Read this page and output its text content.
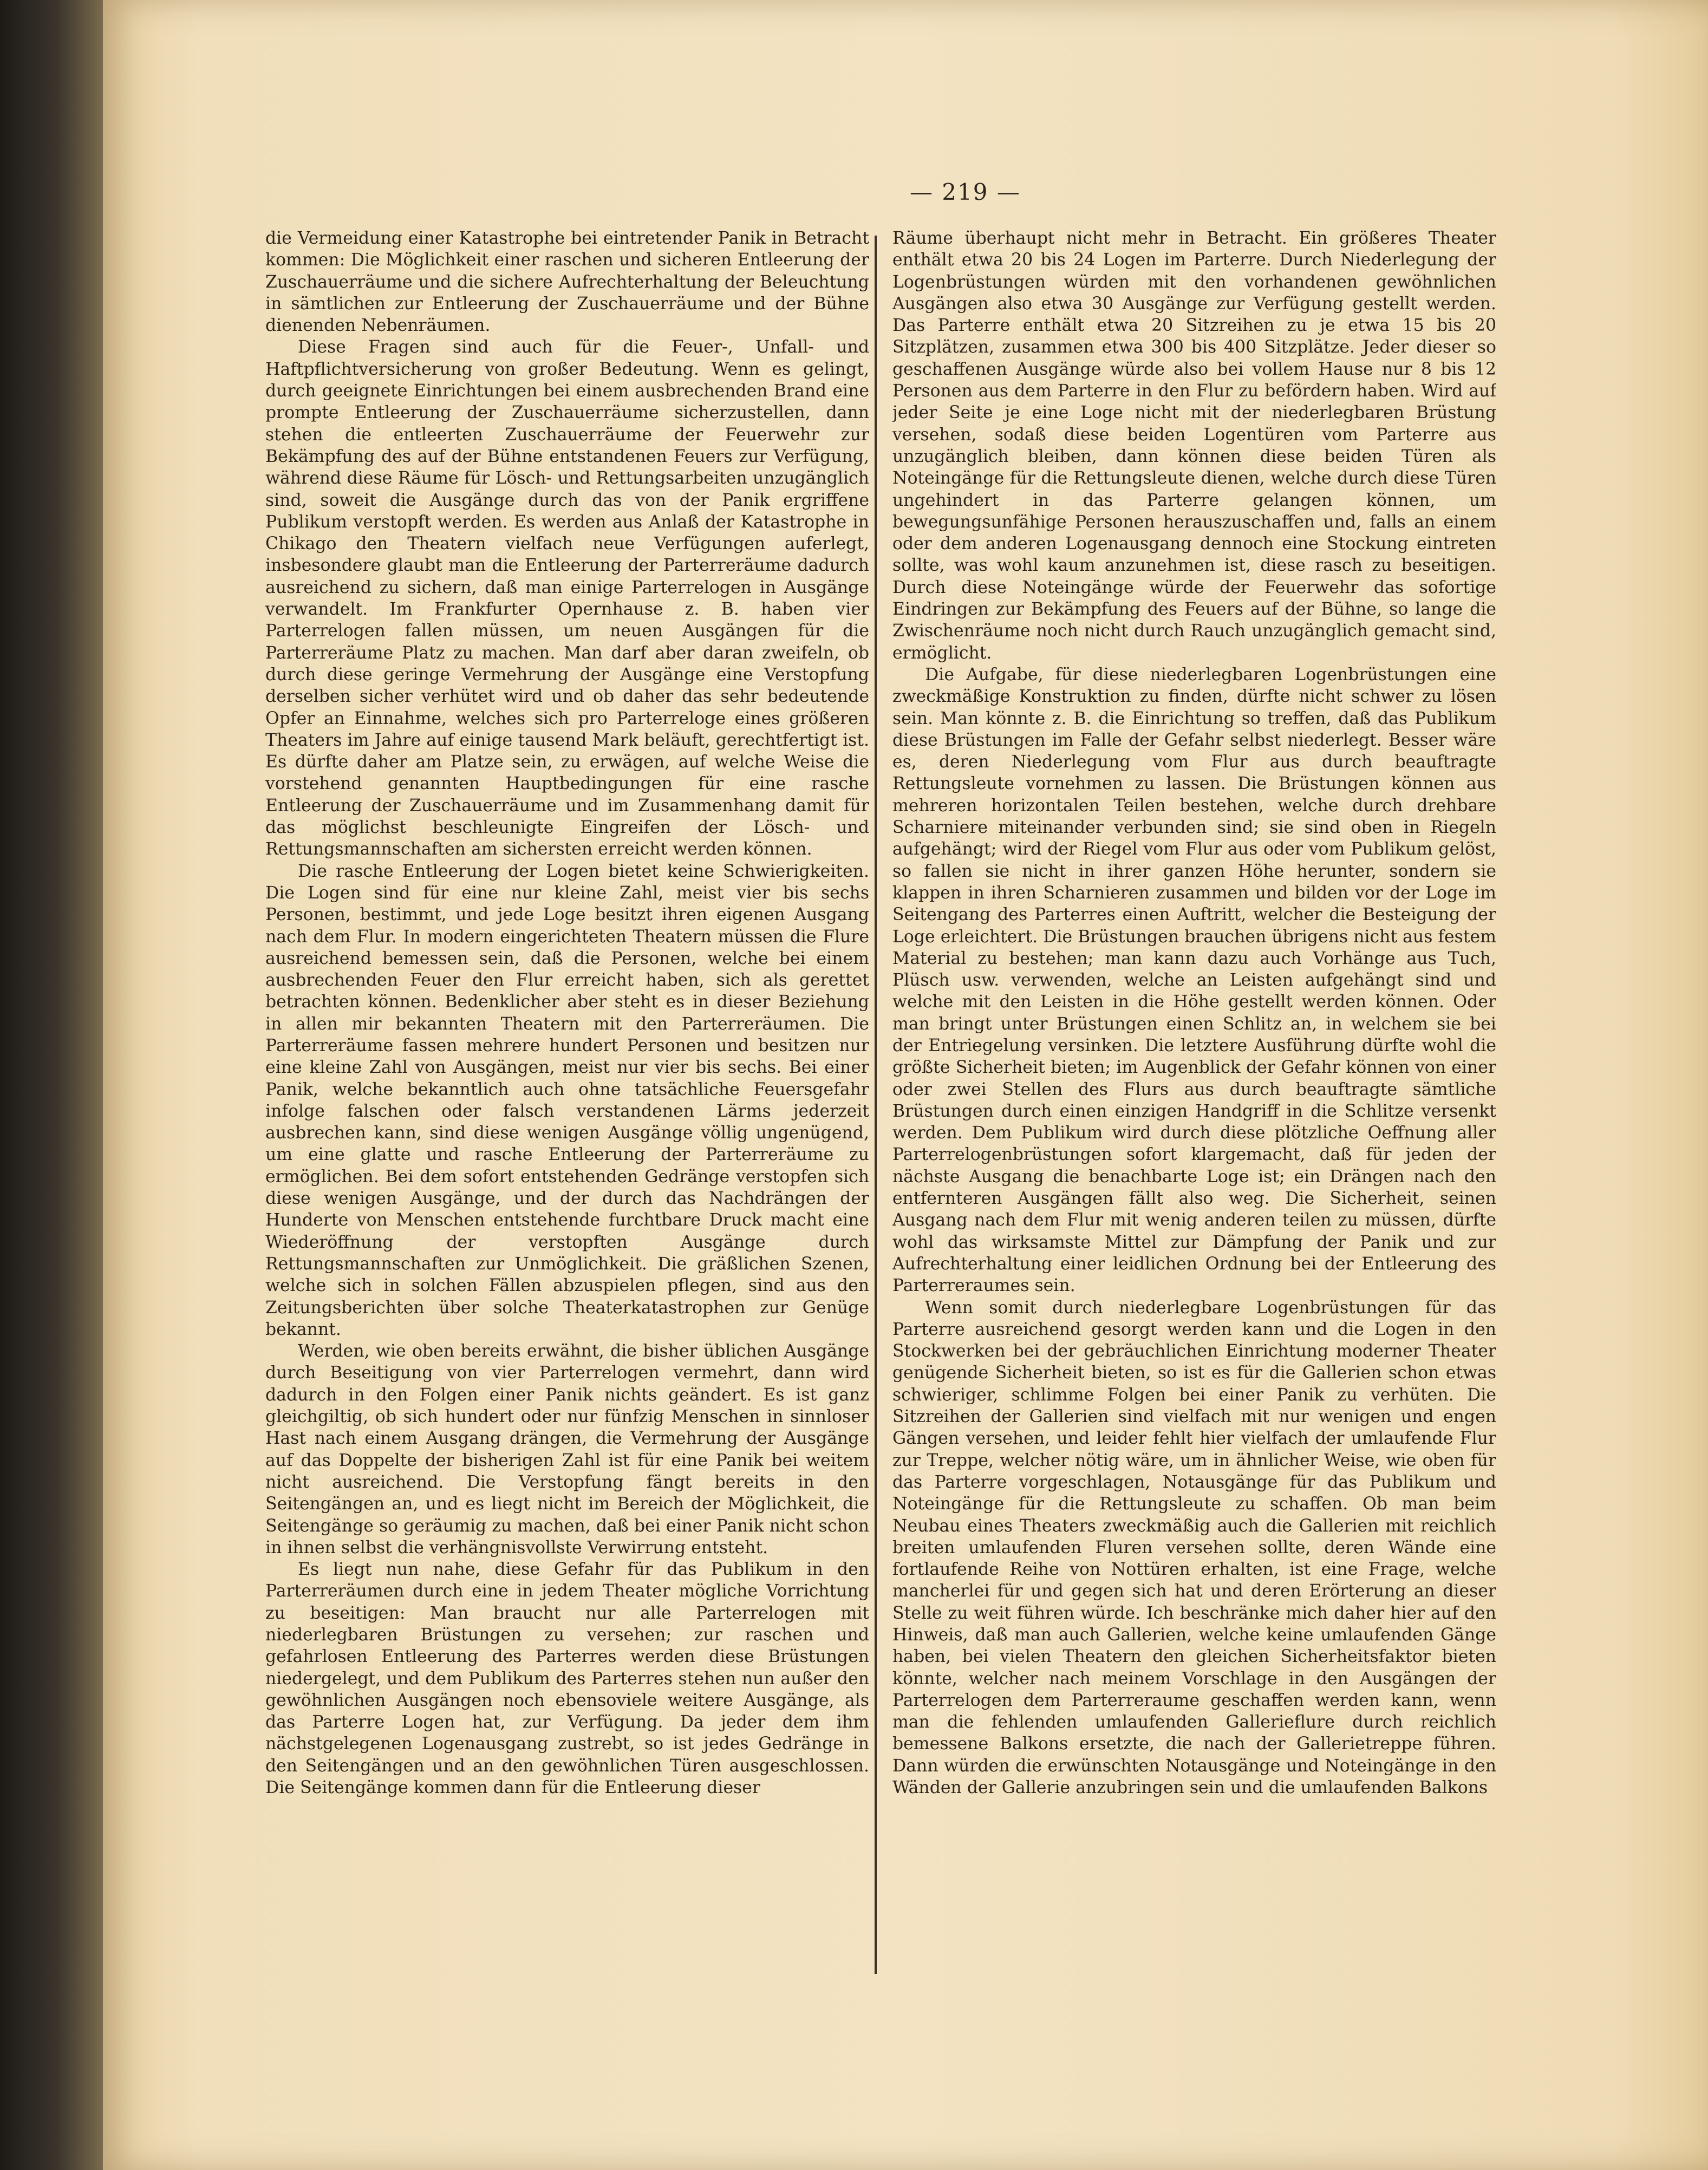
— 219 —

die Vermeidung einer Katastrophe bei eintretender Panik in Betracht kommen: Die Möglichkeit einer raschen und sicheren Entleerung der Zuschauerräume und die sichere Aufrechterhaltung der Beleuchtung in sämtlichen zur Entleerung der Zuschauerräume und der Bühne dienenden Nebenräumen.

Diese Fragen sind auch für die Feuer-, Unfall- und Haftpflichtversicherung von großer Bedeutung. Wenn es gelingt, durch geeignete Einrichtungen bei einem ausbrechenden Brand eine prompte Entleerung der Zuschauerräume sicherzustellen, dann stehen die entleerten Zuschauerräume der Feuerwehr zur Bekämpfung des auf der Bühne entstandenen Feuers zur Verfügung, während diese Räume für Lösch- und Rettungsarbeiten unzugänglich sind, soweit die Ausgänge durch das von der Panik ergriffene Publikum verstopft werden. Es werden aus Anlaß der Katastrophe in Chikago den Theatern vielfach neue Verfügungen auferlegt, insbesondere glaubt man die Entleerung der Parterreräume dadurch ausreichend zu sichern, daß man einige Parterrelogen in Ausgänge verwandelt. Im Frankfurter Opernhause z. B. haben vier Parterrelogen fallen müssen, um neuen Ausgängen für die Parterreräume Platz zu machen. Man darf aber daran zweifeln, ob durch diese geringe Vermehrung der Ausgänge eine Verstopfung derselben sicher verhütet wird und ob daher das sehr bedeutende Opfer an Einnahme, welches sich pro Parterreloge eines größeren Theaters im Jahre auf einige tausend Mark beläuft, gerechtfertigt ist. Es dürfte daher am Platze sein, zu erwägen, auf welche Weise die vorstehend genannten Hauptbedingungen für eine rasche Entleerung der Zuschauerräume und im Zusammenhang damit für das möglichst beschleunigte Eingreifen der Lösch- und Rettungsmannschaften am sichersten erreicht werden können.

Die rasche Entleerung der Logen bietet keine Schwierigkeiten. Die Logen sind für eine nur kleine Zahl, meist vier bis sechs Personen, bestimmt, und jede Loge besitzt ihren eigenen Ausgang nach dem Flur. In modern eingerichteten Theatern müssen die Flure ausreichend bemessen sein, daß die Personen, welche bei einem ausbrechenden Feuer den Flur erreicht haben, sich als gerettet betrachten können. Bedenklicher aber steht es in dieser Beziehung in allen mir bekannten Theatern mit den Parterreräumen. Die Parterreräume fassen mehrere hundert Personen und besitzen nur eine kleine Zahl von Ausgängen, meist nur vier bis sechs. Bei einer Panik, welche bekanntlich auch ohne tatsächliche Feuersgefahr infolge falschen oder falsch verstandenen Lärms jederzeit ausbrechen kann, sind diese wenigen Ausgänge völlig ungenügend, um eine glatte und rasche Entleerung der Parterreräume zu ermöglichen. Bei dem sofort entstehenden Gedränge verstopfen sich diese wenigen Ausgänge, und der durch das Nachdrängen der Hunderte von Menschen entstehende furchtbare Druck macht eine Wiederöffnung der verstopften Ausgänge durch Rettungsmannschaften zur Unmöglichkeit. Die gräßlichen Szenen, welche sich in solchen Fällen abzuspielen pflegen, sind aus den Zeitungsberichten über solche Theaterkatastrophen zur Genüge bekannt.

Werden, wie oben bereits erwähnt, die bisher üblichen Ausgänge durch Beseitigung von vier Parterrelogen vermehrt, dann wird dadurch in den Folgen einer Panik nichts geändert. Es ist ganz gleichgiltig, ob sich hundert oder nur fünfzig Menschen in sinnloser Hast nach einem Ausgang drängen, die Vermehrung der Ausgänge auf das Doppelte der bisherigen Zahl ist für eine Panik bei weitem nicht ausreichend. Die Verstopfung fängt bereits in den Seitengängen an, und es liegt nicht im Bereich der Möglichkeit, die Seitengänge so geräumig zu machen, daß bei einer Panik nicht schon in ihnen selbst die verhängnisvollste Verwirrung entsteht.

Es liegt nun nahe, diese Gefahr für das Publikum in den Parterreräumen durch eine in jedem Theater mögliche Vorrichtung zu beseitigen: Man braucht nur alle Parterrelogen mit niederlegbaren Brüstungen zu versehen; zur raschen und gefahrlosen Entleerung des Parterres werden diese Brüstungen niedergelegt, und dem Publikum des Parterres stehen nun außer den gewöhnlichen Ausgängen noch ebensoviele weitere Ausgänge, als das Parterre Logen hat, zur Verfügung. Da jeder dem ihm nächstgelegenen Logenausgang zustrebt, so ist jedes Gedränge in den Seitengängen und an den gewöhnlichen Türen ausgeschlossen. Die Seitengänge kommen dann für die Entleerung dieser

Räume überhaupt nicht mehr in Betracht. Ein größeres Theater enthält etwa 20 bis 24 Logen im Parterre. Durch Niederlegung der Logenbrüstungen würden mit den vorhandenen gewöhnlichen Ausgängen also etwa 30 Ausgänge zur Verfügung gestellt werden. Das Parterre enthält etwa 20 Sitzreihen zu je etwa 15 bis 20 Sitzplätzen, zusammen etwa 300 bis 400 Sitzplätze. Jeder dieser so geschaffenen Ausgänge würde also bei vollem Hause nur 8 bis 12 Personen aus dem Parterre in den Flur zu befördern haben. Wird auf jeder Seite je eine Loge nicht mit der niederlegbaren Brüstung versehen, sodaß diese beiden Logentüren vom Parterre aus unzugänglich bleiben, dann können diese beiden Türen als Noteingänge für die Rettungsleute dienen, welche durch diese Türen ungehindert in das Parterre gelangen können, um bewegungsunfähige Personen herauszuschaffen und, falls an einem oder dem anderen Logenausgang dennoch eine Stockung eintreten sollte, was wohl kaum anzunehmen ist, diese rasch zu beseitigen. Durch diese Noteingänge würde der Feuerwehr das sofortige Eindringen zur Bekämpfung des Feuers auf der Bühne, so lange die Zwischenräume noch nicht durch Rauch unzugänglich gemacht sind, ermöglicht.

Die Aufgabe, für diese niederlegbaren Logenbrüstungen eine zweckmäßige Konstruktion zu finden, dürfte nicht schwer zu lösen sein. Man könnte z. B. die Einrichtung so treffen, daß das Publikum diese Brüstungen im Falle der Gefahr selbst niederlegt. Besser wäre es, deren Niederlegung vom Flur aus durch beauftragte Rettungsleute vornehmen zu lassen. Die Brüstungen können aus mehreren horizontalen Teilen bestehen, welche durch drehbare Scharniere miteinander verbunden sind; sie sind oben in Riegeln aufgehängt; wird der Riegel vom Flur aus oder vom Publikum gelöst, so fallen sie nicht in ihrer ganzen Höhe herunter, sondern sie klappen in ihren Scharnieren zusammen und bilden vor der Loge im Seitengang des Parterres einen Auftritt, welcher die Besteigung der Loge erleichtert. Die Brüstungen brauchen übrigens nicht aus festem Material zu bestehen; man kann dazu auch Vorhänge aus Tuch, Plüsch usw. verwenden, welche an Leisten aufgehängt sind und welche mit den Leisten in die Höhe gestellt werden können. Oder man bringt unter Brüstungen einen Schlitz an, in welchem sie bei der Entriegelung versinken. Die letztere Ausführung dürfte wohl die größte Sicherheit bieten; im Augenblick der Gefahr können von einer oder zwei Stellen des Flurs aus durch beauftragte sämtliche Brüstungen durch einen einzigen Handgriff in die Schlitze versenkt werden. Dem Publikum wird durch diese plötzliche Oeffnung aller Parterrelogenbrüstungen sofort klargemacht, daß für jeden der nächste Ausgang die benachbarte Loge ist; ein Drängen nach den entfernteren Ausgängen fällt also weg. Die Sicherheit, seinen Ausgang nach dem Flur mit wenig anderen teilen zu müssen, dürfte wohl das wirksamste Mittel zur Dämpfung der Panik und zur Aufrechterhaltung einer leidlichen Ordnung bei der Entleerung des Parterreraumes sein.

Wenn somit durch niederlegbare Logenbrüstungen für das Parterre ausreichend gesorgt werden kann und die Logen in den Stockwerken bei der gebräuchlichen Einrichtung moderner Theater genügende Sicherheit bieten, so ist es für die Gallerien schon etwas schwieriger, schlimme Folgen bei einer Panik zu verhüten. Die Sitzreihen der Gallerien sind vielfach mit nur wenigen und engen Gängen versehen, und leider fehlt hier vielfach der umlaufende Flur zur Treppe, welcher nötig wäre, um in ähnlicher Weise, wie oben für das Parterre vorgeschlagen, Notausgänge für das Publikum und Noteingänge für die Rettungsleute zu schaffen. Ob man beim Neubau eines Theaters zweckmäßig auch die Gallerien mit reichlich breiten umlaufenden Fluren versehen sollte, deren Wände eine fortlaufende Reihe von Nottüren erhalten, ist eine Frage, welche mancherlei für und gegen sich hat und deren Erörterung an dieser Stelle zu weit führen würde. Ich beschränke mich daher hier auf den Hinweis, daß man auch Gallerien, welche keine umlaufenden Gänge haben, bei vielen Theatern den gleichen Sicherheitsfaktor bieten könnte, welcher nach meinem Vorschlage in den Ausgängen der Parterrelogen dem Parterreraume geschaffen werden kann, wenn man die fehlenden umlaufenden Gallerieflure durch reichlich bemessene Balkons ersetzte, die nach der Gallerietreppe führen. Dann würden die erwünschten Notausgänge und Noteingänge in den Wänden der Gallerie anzubringen sein und die umlaufenden Balkons
